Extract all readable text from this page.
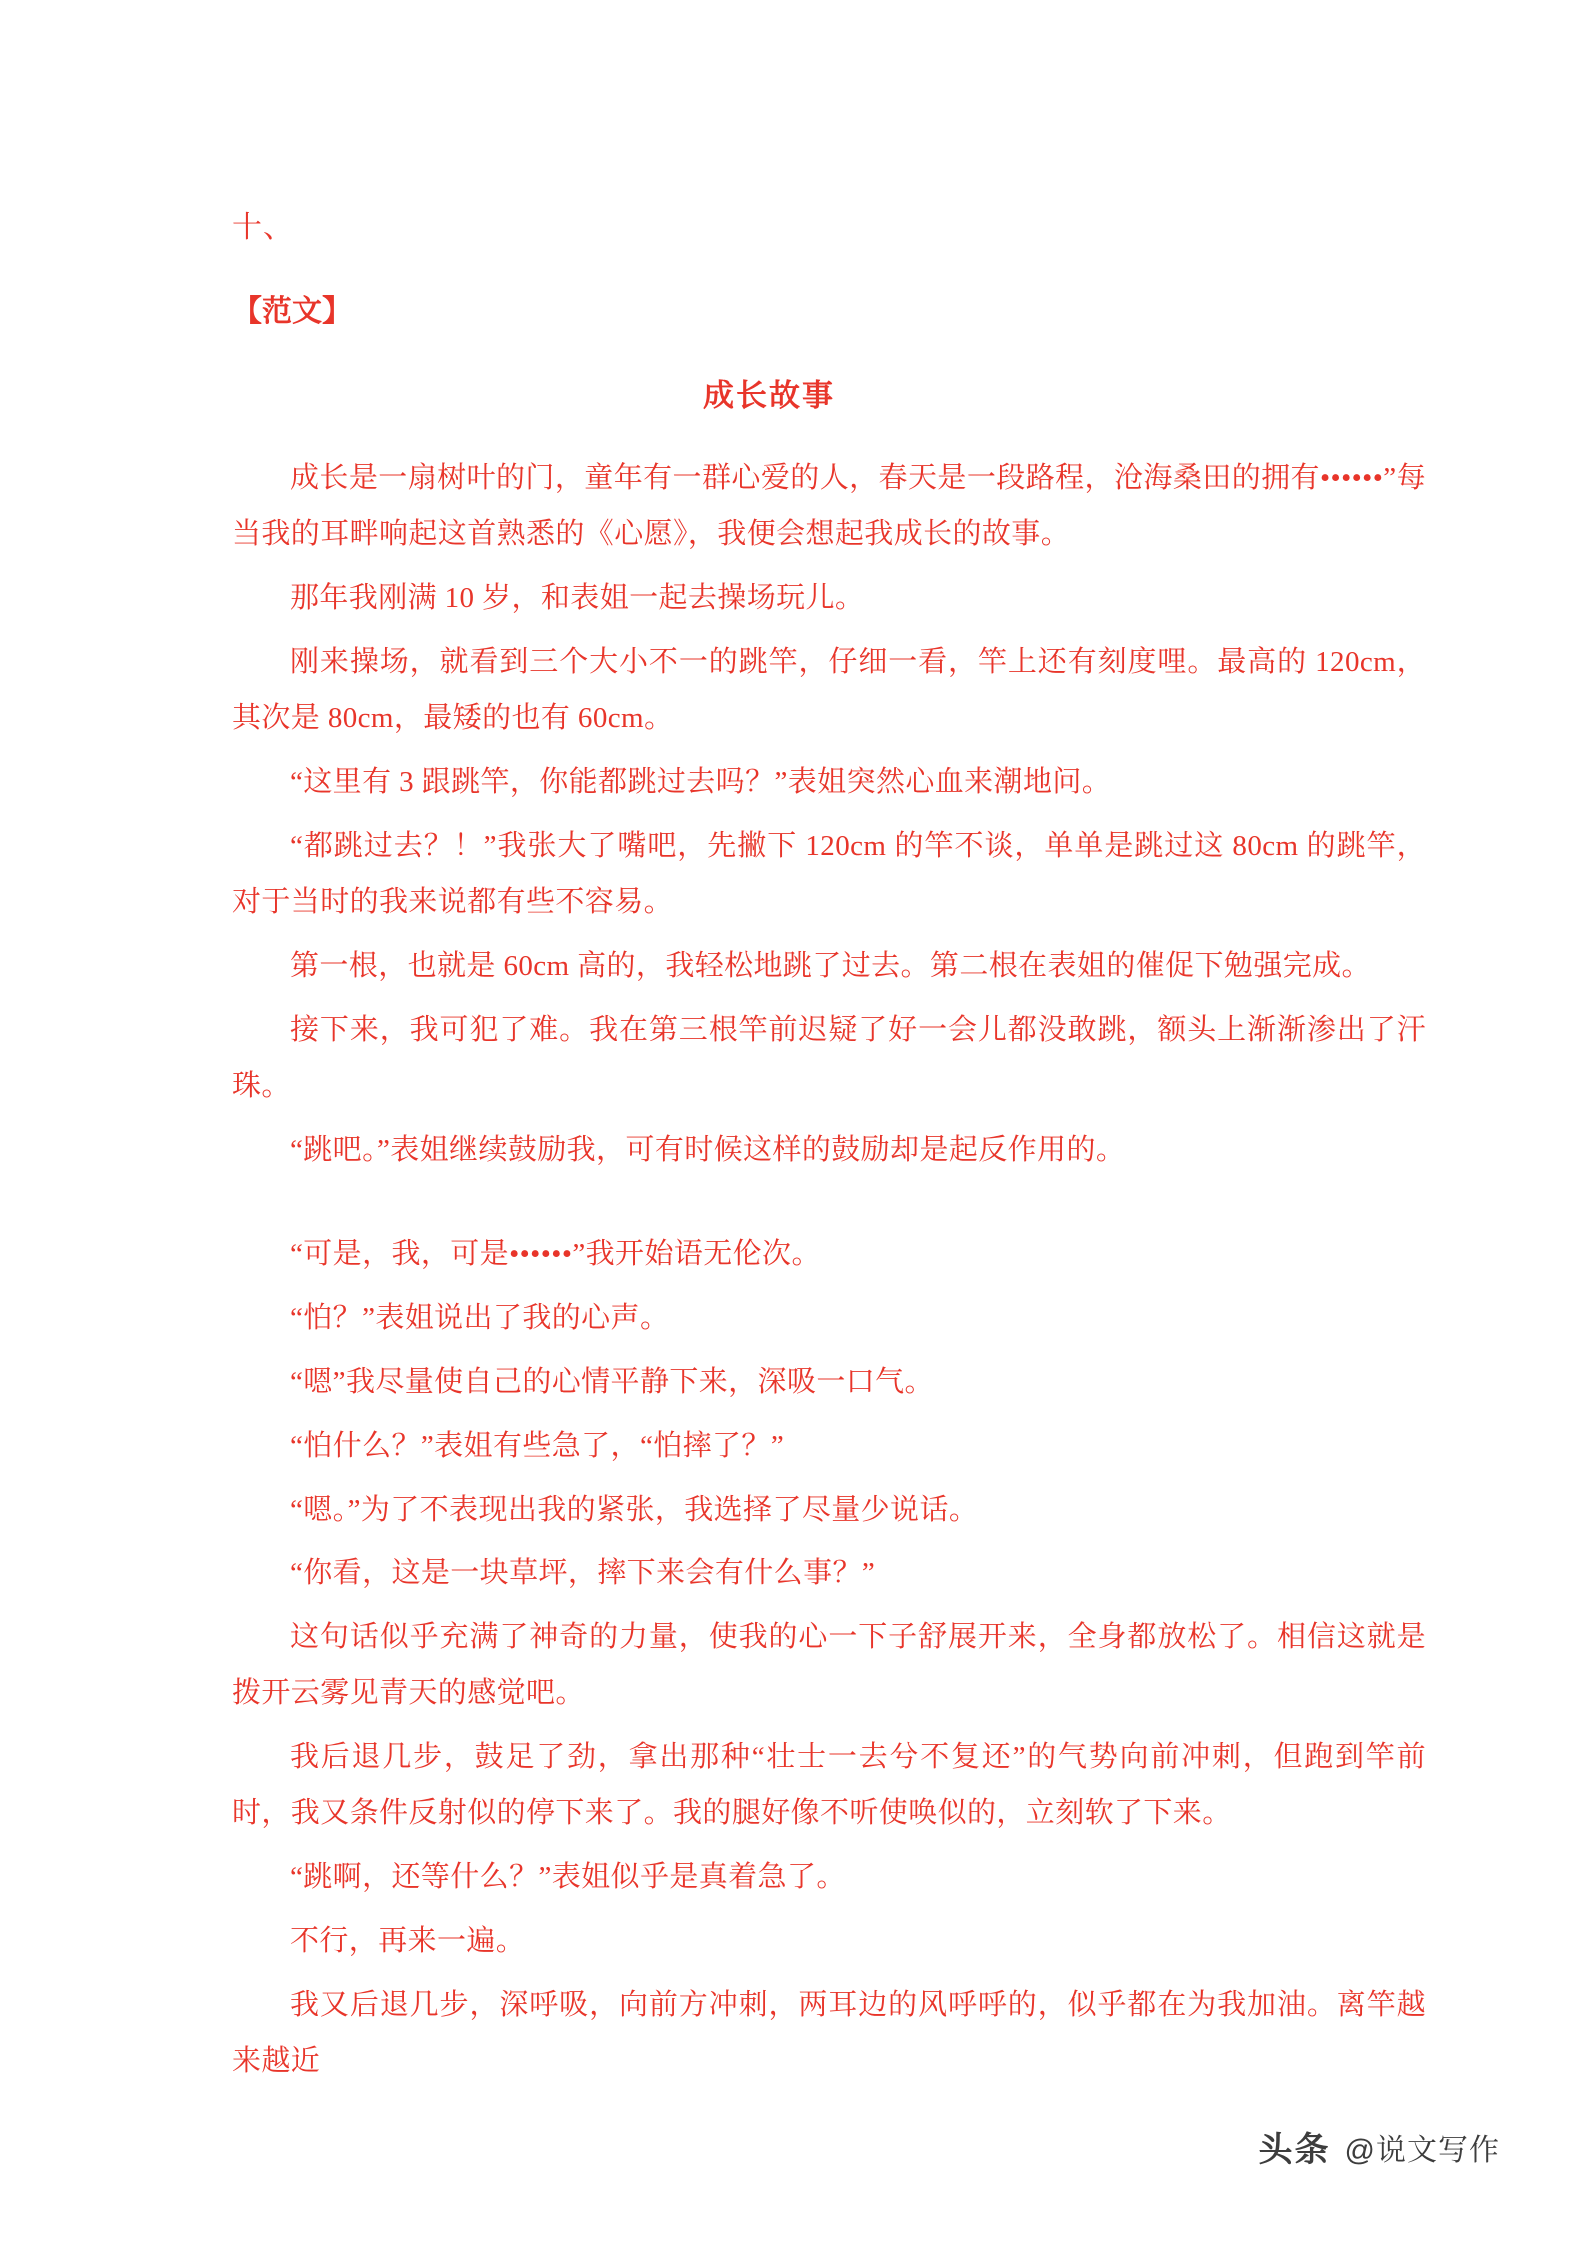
十、
【范文】
成长故事
成长是一扇树叶的门，童年有一群心爱的人，春天是一段路程，沧海桑田的拥有••••••”每当我的耳畔响起这首熟悉的《心愿》，我便会想起我成长的故事。
那年我刚满 10 岁，和表姐一起去操场玩儿。
刚来操场，就看到三个大小不一的跳竿，仔细一看，竿上还有刻度哩。最高的 120cm，其次是 80cm，最矮的也有 60cm。
“这里有 3 跟跳竿，你能都跳过去吗？”表姐突然心血来潮地问。
“都跳过去？！”我张大了嘴吧，先撇下 120cm 的竿不谈，单单是跳过这 80cm 的跳竿，对于当时的我来说都有些不容易。
第一根，也就是 60cm 高的，我轻松地跳了过去。第二根在表姐的催促下勉强完成。
接下来，我可犯了难。我在第三根竿前迟疑了好一会儿都没敢跳，额头上渐渐渗出了汗珠。
“跳吧。”表姐继续鼓励我，可有时候这样的鼓励却是起反作用的。
“可是，我，可是••••••”我开始语无伦次。
“怕？”表姐说出了我的心声。
“嗯”我尽量使自己的心情平静下来，深吸一口气。
“怕什么？”表姐有些急了，“怕摔了？”
“嗯。”为了不表现出我的紧张，我选择了尽量少说话。
“你看，这是一块草坪，摔下来会有什么事？”
这句话似乎充满了神奇的力量，使我的心一下子舒展开来，全身都放松了。相信这就是拨开云雾见青天的感觉吧。
我后退几步，鼓足了劲，拿出那种“壮士一去兮不复还”的气势向前冲刺，但跑到竿前时，我又条件反射似的停下来了。我的腿好像不听使唤似的，立刻软了下来。
“跳啊，还等什么？”表姐似乎是真着急了。
不行，再来一遍。
我又后退几步，深呼吸，向前方冲刺，两耳边的风呼呼的，似乎都在为我加油。离竿越来越近
头条 @说文写作
